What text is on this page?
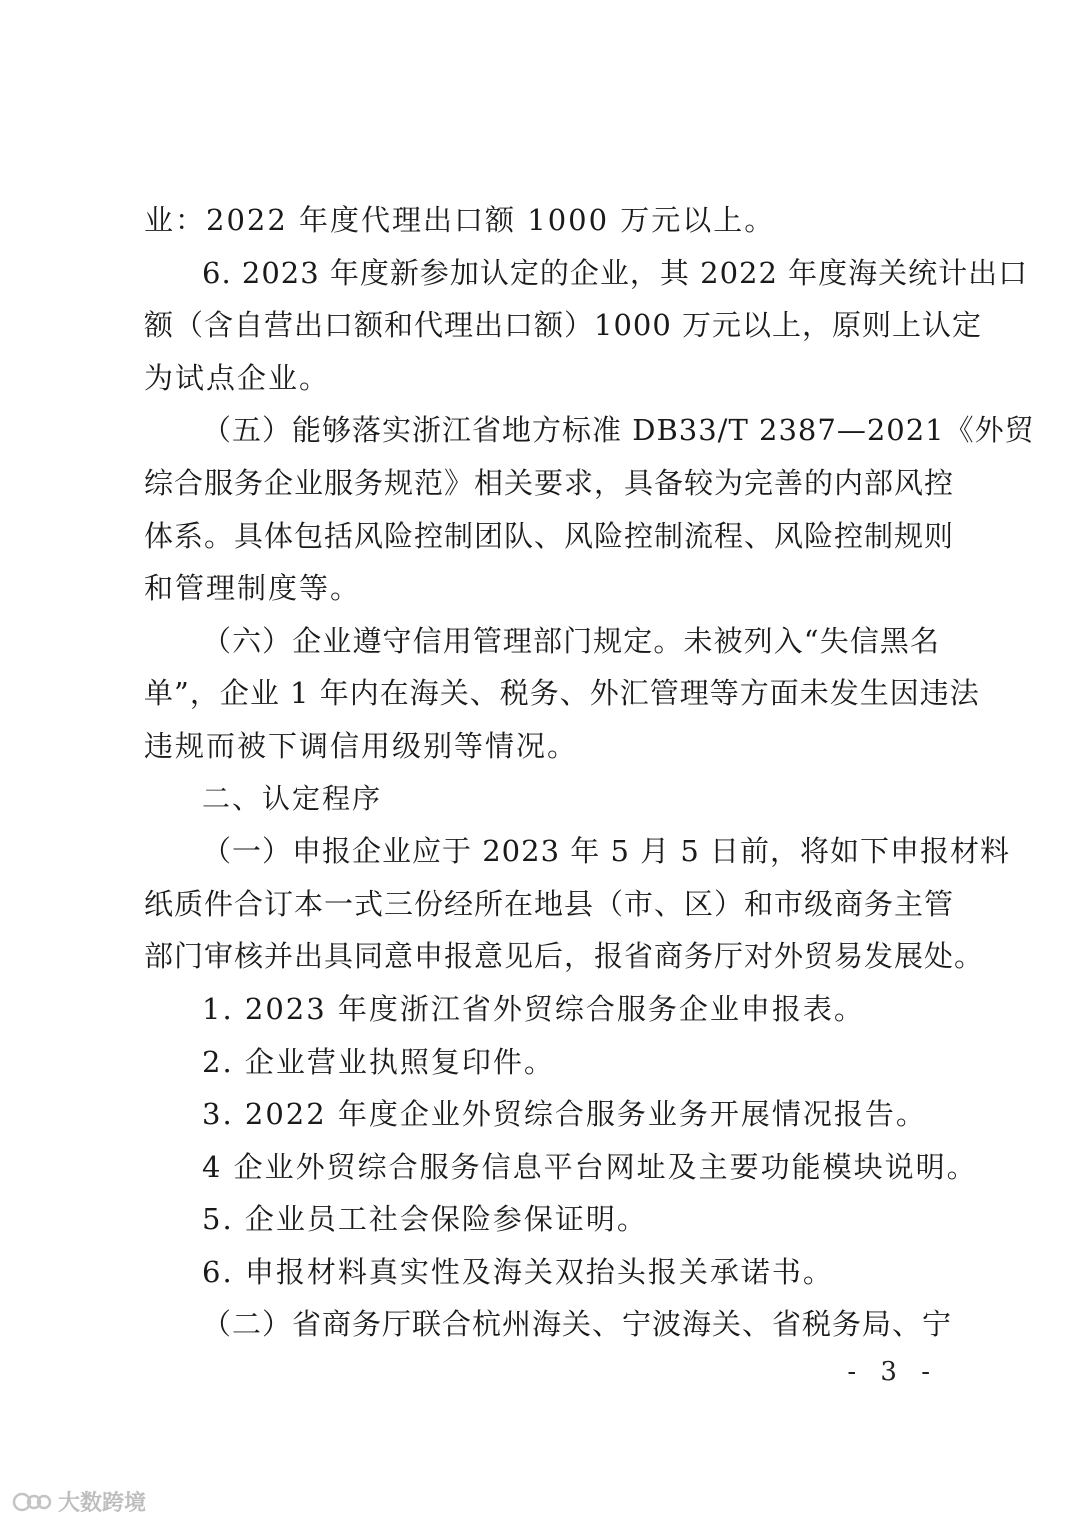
业：2022 年度代理出口额 1000 万元以上。
6. 2023 年度新参加认定的企业，其 2022 年度海关统计出口
额（含自营出口额和代理出口额）1000 万元以上，原则上认定
为试点企业。
（五）能够落实浙江省地方标准 DB33/T 2387—2021《外贸
综合服务企业服务规范》相关要求，具备较为完善的内部风控
体系。具体包括风险控制团队、风险控制流程、风险控制规则
和管理制度等。
（六）企业遵守信用管理部门规定。未被列入“失信黑名
单”，企业 1 年内在海关、税务、外汇管理等方面未发生因违法
违规而被下调信用级别等情况。
二、认定程序
（一）申报企业应于 2023 年 5 月 5 日前，将如下申报材料
纸质件合订本一式三份经所在地县（市、区）和市级商务主管
部门审核并出具同意申报意见后，报省商务厅对外贸易发展处。
1. 2023 年度浙江省外贸综合服务企业申报表。
2. 企业营业执照复印件。
3. 2022 年度企业外贸综合服务业务开展情况报告。
4 企业外贸综合服务信息平台网址及主要功能模块说明。
5. 企业员工社会保险参保证明。
6. 申报材料真实性及海关双抬头报关承诺书。
（二）省商务厅联合杭州海关、宁波海关、省税务局、宁
- 3 -
大数跨境
